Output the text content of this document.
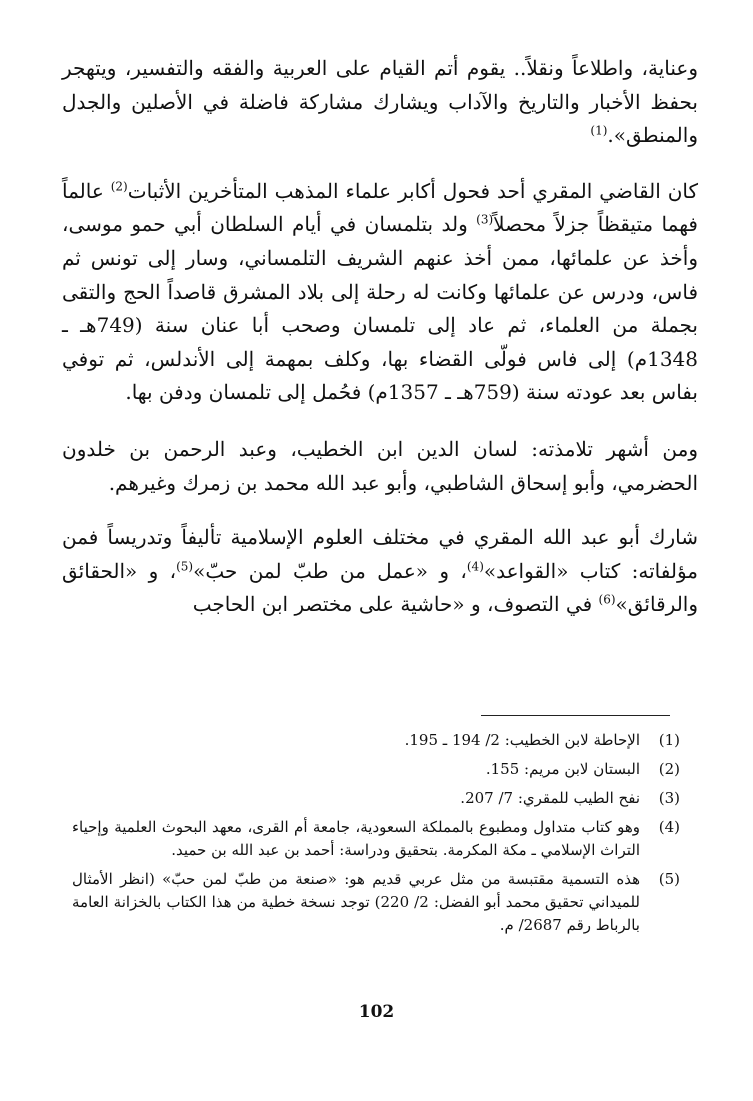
وعناية، واطلاعاً ونقلاً.. يقوم أتم القيام على العربية والفقه والتفسير، ويتهجر بحفظ الأخبار والتاريخ والآداب ويشارك مشاركة فاضلة في الأصلين والجدل والمنطق».$^{(1)}$

كان القاضي المقري أحد فحول أكابر علماء المذهب المتأخرين الأثبات$^{(2)}$ عالماً فهما متيقظاً جزلاً محصلاً$^{(3)}$ ولد بتلمسان في أيام السلطان أبي حمو موسى، وأخذ عن علمائها، ممن أخذ عنهم الشريف التلمساني، وسار إلى تونس ثم فاس، ودرس عن علمائها وكانت له رحلة إلى بلاد المشرق قاصداً الحج والتقى بجملة من العلماء، ثم عاد إلى تلمسان وصحب أبا عنان سنة (749هـ ـ 1348م) إلى فاس فولّى القضاء بها، وكلف بمهمة إلى الأندلس، ثم توفي بفاس بعد عودته سنة (759هـ ـ 1357م) فحُمل إلى تلمسان ودفن بها.

ومن أشهر تلامذته: لسان الدين ابن الخطيب، وعبد الرحمن بن خلدون الحضرمي، وأبو إسحاق الشاطبي، وأبو عبد الله محمد بن زمرك وغيرهم.

شارك أبو عبد الله المقري في مختلف العلوم الإسلامية تأليفاً وتدريساً فمن مؤلفاته: كتاب «القواعد»$^{(4)}$، و «عمل من طبّ لمن حبّ»$^{(5)}$، و «الحقائق والرقائق»$^{(6)}$ في التصوف، و «حاشية على مختصر ابن الحاجب

(1)
الإحاطة لابن الخطيب: 2/ 194 ـ 195.
(2)
البستان لابن مريم: 155.
(3)
نفح الطيب للمقري: 7/ 207.
(4)
وهو كتاب متداول ومطبوع بالمملكة السعودية، جامعة أم القرى، معهد البحوث العلمية وإحياء التراث الإسلامي ـ مكة المكرمة. بتحقيق ودراسة: أحمد بن عبد الله بن حميد.
(5)
هذه التسمية مقتبسة من مثل عربي قديم هو: «صنعة من طبّ لمن حبّ» (انظر الأمثال للميداني تحقيق محمد أبو الفضل: 2/ 220) توجد نسخة خطية من هذا الكتاب بالخزانة العامة بالرباط رقم 2687/ م.
102
